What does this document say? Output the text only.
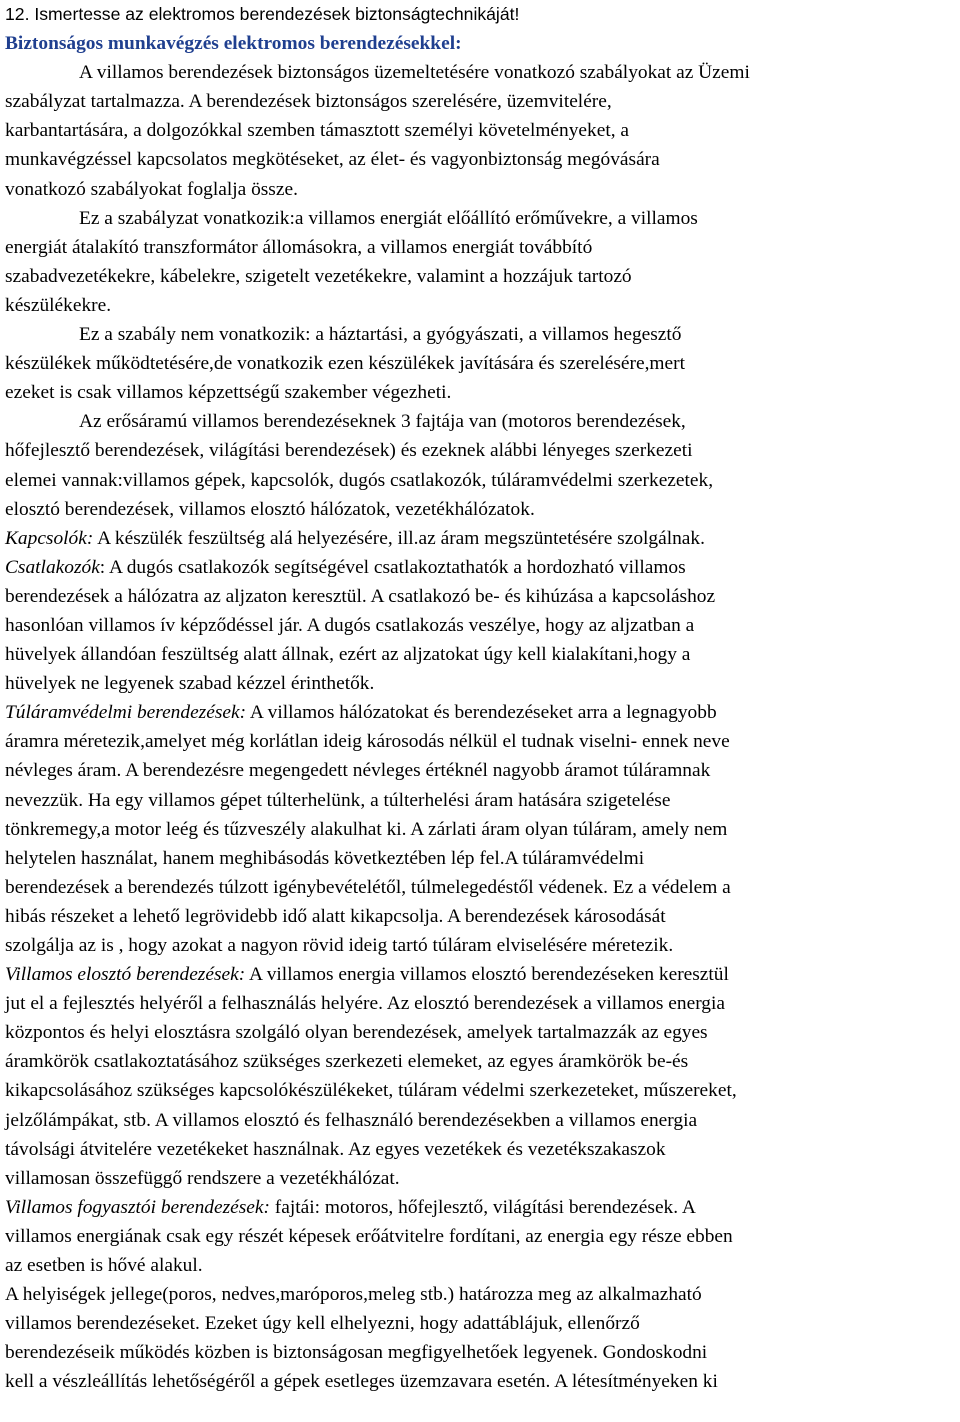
12. Ismertesse az elektromos berendezések biztonságtechnikáját!
Biztonságos munkavégzés elektromos berendezésekkel:
A villamos berendezések biztonságos üzemeltetésére vonatkozó szabályokat az Üzemi
szabályzat tartalmazza. A berendezések biztonságos szerelésére, üzemvitelére,
karbantartására, a dolgozókkal szemben támasztott személyi követelményeket, a
munkavégzéssel kapcsolatos megkötéseket, az élet- és vagyonbiztonság megóvására
vonatkozó szabályokat foglalja össze.
Ez a szabályzat vonatkozik:a villamos energiát előállító erőművekre, a villamos
energiát átalakító transzformátor állomásokra, a villamos energiát továbbító
szabadvezetékekre, kábelekre, szigetelt vezetékekre, valamint a hozzájuk tartozó
készülékekre.
Ez a szabály nem vonatkozik: a háztartási, a gyógyászati, a villamos hegesztő
készülékek működtetésére,de vonatkozik ezen készülékek javítására és szerelésére,mert
ezeket is csak villamos képzettségű szakember végezheti.
Az erősáramú villamos berendezéseknek 3 fajtája van (motoros berendezések,
hőfejlesztő berendezések, világítási berendezések) és ezeknek alábbi lényeges szerkezeti
elemei vannak:villamos gépek, kapcsolók, dugós csatlakozók, túláramvédelmi szerkezetek,
elosztó berendezések, villamos elosztó hálózatok, vezetékhálózatok.
Kapcsolók: A készülék feszültség alá helyezésére, ill.az áram megszüntetésére szolgálnak.
Csatlakozók: A dugós csatlakozók segítségével csatlakoztathatók a hordozható villamos
berendezések a hálózatra az aljzaton keresztül. A csatlakozó be- és kihúzása a kapcsoláshoz
hasonlóan villamos ív képződéssel jár. A dugós csatlakozás veszélye, hogy az aljzatban a
hüvelyek állandóan feszültség alatt állnak, ezért az aljzatokat úgy kell kialakítani,hogy a
hüvelyek ne legyenek szabad kézzel érinthetők.
Túláramvédelmi berendezések: A villamos hálózatokat és berendezéseket arra a legnagyobb
áramra méretezik,amelyet még korlátlan ideig károsodás nélkül el tudnak viselni- ennek neve
névleges áram. A berendezésre megengedett névleges értéknél nagyobb áramot túláramnak
nevezzük. Ha egy villamos gépet túlterhelünk, a túlterhelési áram hatására szigetelése
tönkremegy,a motor leég és tűzveszély alakulhat ki. A zárlati áram olyan túláram, amely nem
helytelen használat, hanem meghibásodás következtében lép fel.A túláramvédelmi
berendezések a berendezés túlzott igénybevételétől, túlmelegedéstől védenek. Ez a védelem a
hibás részeket a lehető legrövidebb idő alatt kikapcsolja. A berendezések károsodását
szolgálja az is , hogy azokat a nagyon rövid ideig tartó túláram elviselésére méretezik.
Villamos elosztó berendezések: A villamos energia villamos elosztó berendezéseken keresztül
jut el a fejlesztés helyéről a felhasználás helyére. Az elosztó berendezések a villamos energia
központos és helyi elosztásra szolgáló olyan berendezések, amelyek tartalmazzák az egyes
áramkörök csatlakoztatásához szükséges szerkezeti elemeket, az egyes áramkörök be-és
kikapcsolásához szükséges kapcsolókészülékeket, túláram védelmi szerkezeteket, műszereket,
jelzőlámpákat, stb. A villamos elosztó és felhasználó berendezésekben a villamos energia
távolsági átvitelére vezetékeket használnak. Az egyes vezetékek és vezetékszakaszok
villamosan összefüggő rendszere a vezetékhálózat.
Villamos fogyasztói berendezések: fajtái: motoros, hőfejlesztő, világítási berendezések. A
villamos energiának csak egy részét képesek erőátvitelre fordítani, az energia egy része ebben
az esetben is hővé alakul.
A helyiségek jellege(poros, nedves,maróporos,meleg stb.) határozza meg az alkalmazható
villamos berendezéseket. Ezeket úgy kell elhelyezni, hogy adattáblájuk, ellenőrző
berendezéseik működés közben is biztonságosan megfigyelhetőek legyenek. Gondoskodni
kell a vészleállítás lehetőségéről a gépek esetleges üzemzavara esetén. A létesítményeken ki
